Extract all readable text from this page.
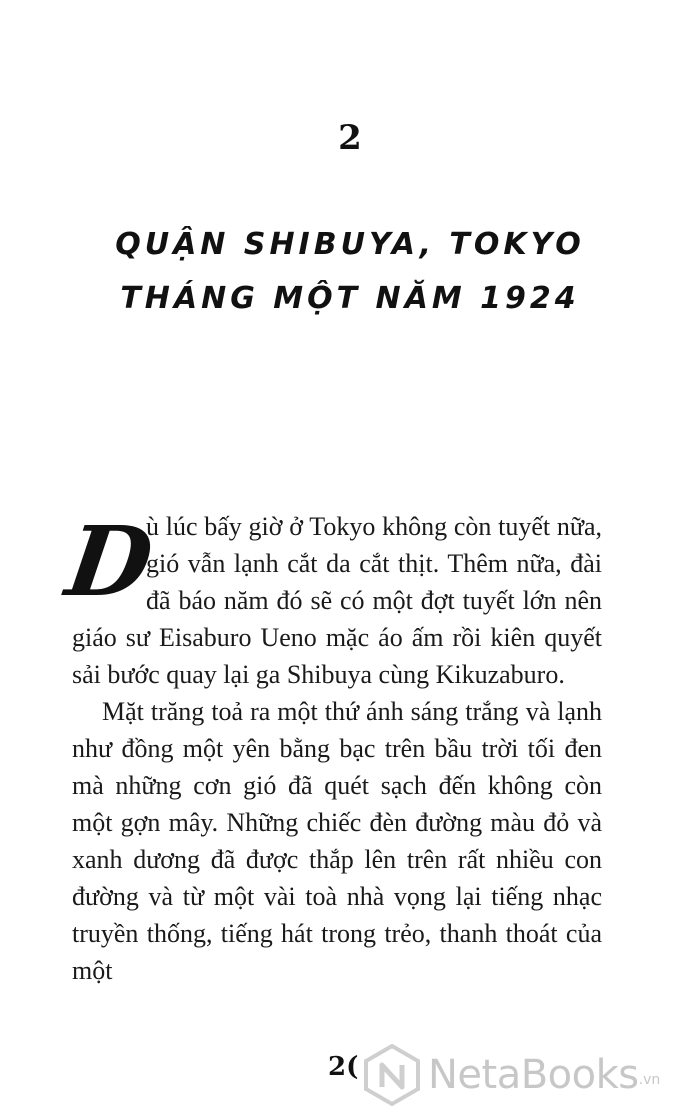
2
QUẬN SHIBUYA, TOKYO
THÁNG MỘT NĂM 1924

D
ù lúc bấy giờ ở Tokyo không còn tuyết nữa, gió vẫn lạnh cắt da cắt thịt. Thêm nữa, đài đã báo năm đó sẽ có một đợt tuyết lớn nên giáo sư Eisaburo Ueno mặc áo ấm rồi kiên quyết sải bước quay lại ga Shibuya cùng Kikuzaburo.

Mặt trăng toả ra một thứ ánh sáng trắng và lạnh như đồng một yên bằng bạc trên bầu trời tối đen mà những cơn gió đã quét sạch đến không còn một gợn mây. Những chiếc đèn đường màu đỏ và xanh dương đã được thắp lên trên rất nhiều con đường và từ một vài toà nhà vọng lại tiếng nhạc truyền thống, tiếng hát trong trẻo, thanh thoát của một

2( NetaBooks .vn
